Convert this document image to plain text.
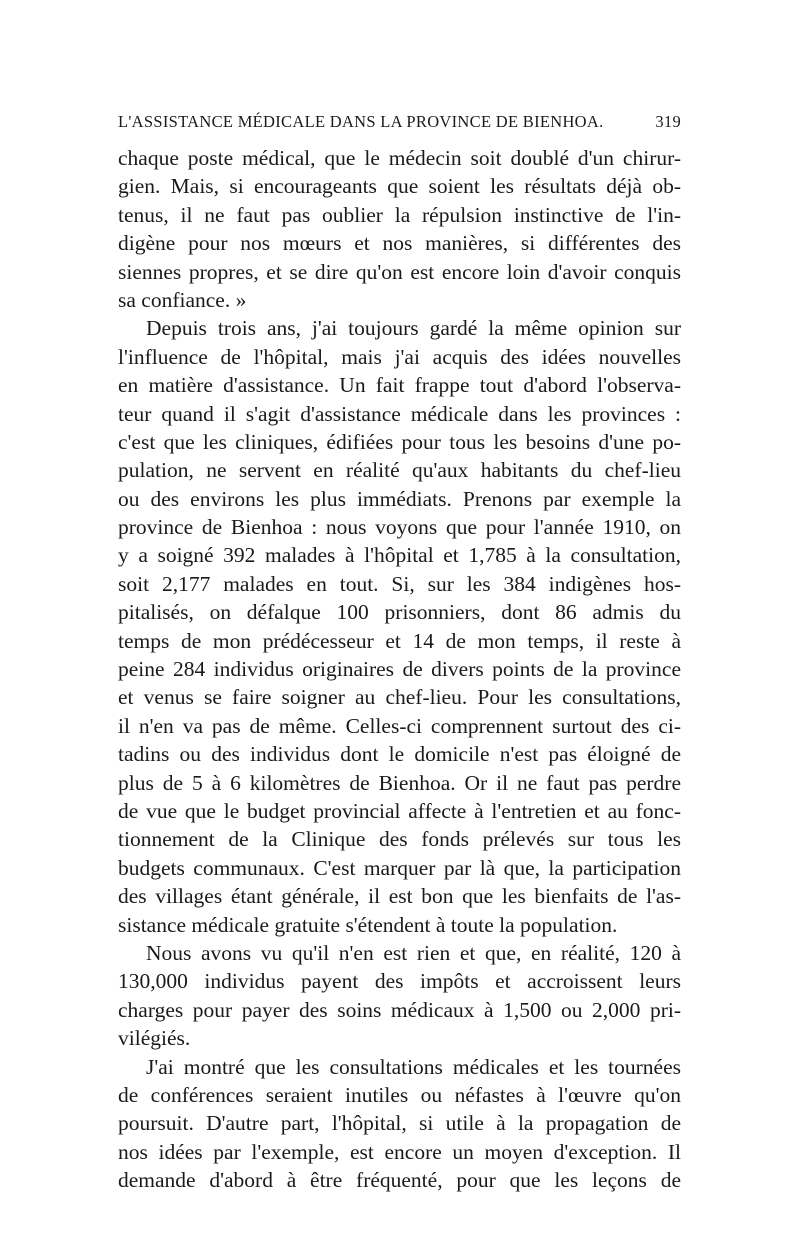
L'ASSISTANCE MÉDICALE DANS LA PROVINCE DE BIENHOA.	319
chaque poste médical, que le médecin soit doublé d'un chirur-
gien. Mais, si encourageants que soient les résultats déjà ob-
tenus, il ne faut pas oublier la répulsion instinctive de l'in-
digène pour nos mœurs et nos manières, si différentes des
siennes propres, et se dire qu'on est encore loin d'avoir conquis
sa confiance. »
Depuis trois ans, j'ai toujours gardé la même opinion sur
l'influence de l'hôpital, mais j'ai acquis des idées nouvelles
en matière d'assistance. Un fait frappe tout d'abord l'observa-
teur quand il s'agit d'assistance médicale dans les provinces :
c'est que les cliniques, édifiées pour tous les besoins d'une po-
pulation, ne servent en réalité qu'aux habitants du chef-lieu
ou des environs les plus immédiats. Prenons par exemple la
province de Bienhoa : nous voyons que pour l'année 1910, on
y a soigné 392 malades à l'hôpital et 1,785 à la consultation,
soit 2,177 malades en tout. Si, sur les 384 indigènes hos-
pitalisés, on défalque 100 prisonniers, dont 86 admis du
temps de mon prédécesseur et 14 de mon temps, il reste à
peine 284 individus originaires de divers points de la province
et venus se faire soigner au chef-lieu. Pour les consultations,
il n'en va pas de même. Celles-ci comprennent surtout des ci-
tadins ou des individus dont le domicile n'est pas éloigné de
plus de 5 à 6 kilomètres de Bienhoa. Or il ne faut pas perdre
de vue que le budget provincial affecte à l'entretien et au fonc-
tionnement de la Clinique des fonds prélevés sur tous les
budgets communaux. C'est marquer par là que, la participation
des villages étant générale, il est bon que les bienfaits de l'as-
sistance médicale gratuite s'étendent à toute la population.
Nous avons vu qu'il n'en est rien et que, en réalité, 120 à
130,000 individus payent des impôts et accroissent leurs
charges pour payer des soins médicaux à 1,500 ou 2,000 pri-
vilégiés.
J'ai montré que les consultations médicales et les tournées
de conférences seraient inutiles ou néfastes à l'œuvre qu'on
poursuit. D'autre part, l'hôpital, si utile à la propagation de
nos idées par l'exemple, est encore un moyen d'exception. Il
demande d'abord à être fréquenté, pour que les leçons de
